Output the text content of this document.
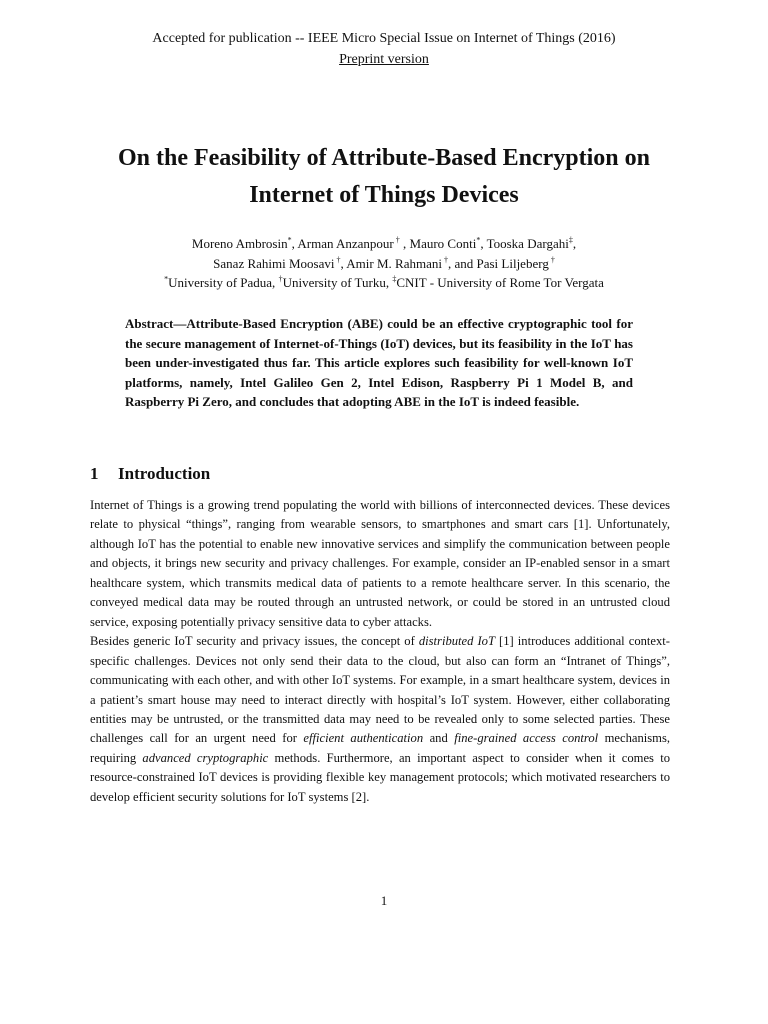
Accepted for publication -- IEEE Micro Special Issue on Internet of Things (2016)
Preprint version
On the Feasibility of Attribute-Based Encryption on
Internet of Things Devices
Moreno Ambrosin*, Arman Anzanpour † , Mauro Conti*, Tooska Dargahi‡,
Sanaz Rahimi Moosavi †, Amir M. Rahmani †, and Pasi Liljeberg †
*University of Padua, †University of Turku, ‡CNIT - University of Rome Tor Vergata
Abstract—Attribute-Based Encryption (ABE) could be an effective cryptographic tool for the secure management of Internet-of-Things (IoT) devices, but its feasibility in the IoT has been under-investigated thus far. This article explores such feasibility for well-known IoT platforms, namely, Intel Galileo Gen 2, Intel Edison, Raspberry Pi 1 Model B, and Raspberry Pi Zero, and concludes that adopting ABE in the IoT is indeed feasible.
1 Introduction

Internet of Things is a growing trend populating the world with billions of interconnected devices. These devices relate to physical “things”, ranging from wearable sensors, to smartphones and smart cars [1]. Unfortunately, although IoT has the potential to enable new innovative services and simplify the communication between people and objects, it brings new security and privacy challenges. For example, consider an IP-enabled sensor in a smart healthcare system, which transmits medical data of patients to a remote healthcare server. In this scenario, the conveyed medical data may be routed through an untrusted network, or could be stored in an untrusted cloud service, exposing potentially privacy sensitive data to cyber attacks.

Besides generic IoT security and privacy issues, the concept of distributed IoT [1] introduces additional context-specific challenges. Devices not only send their data to the cloud, but also can form an “Intranet of Things”, communicating with each other, and with other IoT systems. For example, in a smart healthcare system, devices in a patient’s smart house may need to interact directly with hospital’s IoT system. However, either collaborating entities may be untrusted, or the transmitted data may need to be revealed only to some selected parties. These challenges call for an urgent need for efficient authentication and fine-grained access control mechanisms, requiring advanced cryptographic methods. Furthermore, an important aspect to consider when it comes to resource-constrained IoT devices is providing flexible key management protocols; which motivated researchers to develop efficient security solutions for IoT systems [2].

1
